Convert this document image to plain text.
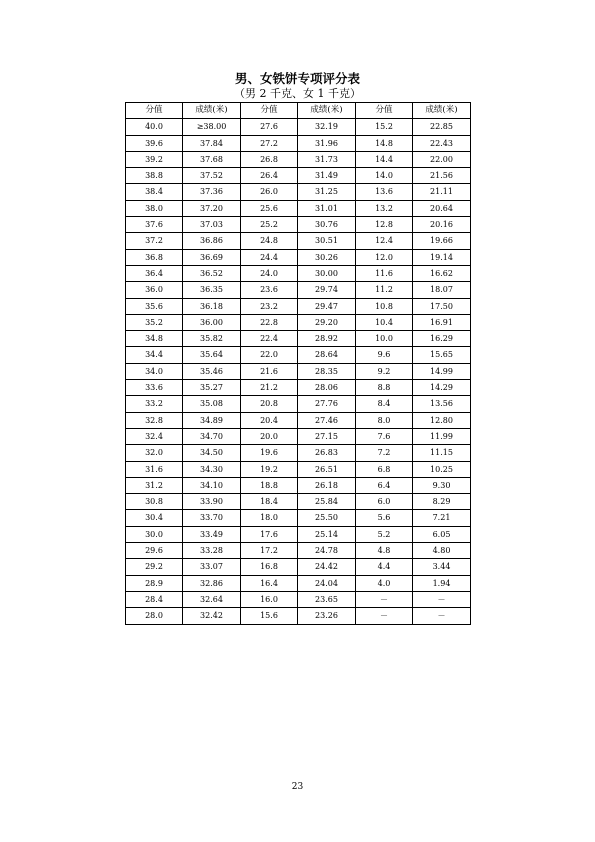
男、女铁饼专项评分表
（男 2 千克、女 1 千克）
分值	成绩(米)	分值	成绩(米)	分值	成绩(米)
40.0	≥38.00	27.6	32.19	15.2	22.85
39.6	37.84	27.2	31.96	14.8	22.43
39.2	37.68	26.8	31.73	14.4	22.00
38.8	37.52	26.4	31.49	14.0	21.56
38.4	37.36	26.0	31.25	13.6	21.11
38.0	37.20	25.6	31.01	13.2	20.64
37.6	37.03	25.2	30.76	12.8	20.16
37.2	36.86	24.8	30.51	12.4	19.66
36.8	36.69	24.4	30.26	12.0	19.14
36.4	36.52	24.0	30.00	11.6	16.62
36.0	36.35	23.6	29.74	11.2	18.07
35.6	36.18	23.2	29.47	10.8	17.50
35.2	36.00	22.8	29.20	10.4	16.91
34.8	35.82	22.4	28.92	10.0	16.29
34.4	35.64	22.0	28.64	9.6	15.65
34.0	35.46	21.6	28.35	9.2	14.99
33.6	35.27	21.2	28.06	8.8	14.29
33.2	35.08	20.8	27.76	8.4	13.56
32.8	34.89	20.4	27.46	8.0	12.80
32.4	34.70	20.0	27.15	7.6	11.99
32.0	34.50	19.6	26.83	7.2	11.15
31.6	34.30	19.2	26.51	6.8	10.25
31.2	34.10	18.8	26.18	6.4	9.30
30.8	33.90	18.4	25.84	6.0	8.29
30.4	33.70	18.0	25.50	5.6	7.21
30.0	33.49	17.6	25.14	5.2	6.05
29.6	33.28	17.2	24.78	4.8	4.80
29.2	33.07	16.8	24.42	4.4	3.44
28.9	32.86	16.4	24.04	4.0	1.94
28.4	32.64	16.0	23.65	－	－
28.0	32.42	15.6	23.26	－	－
23
